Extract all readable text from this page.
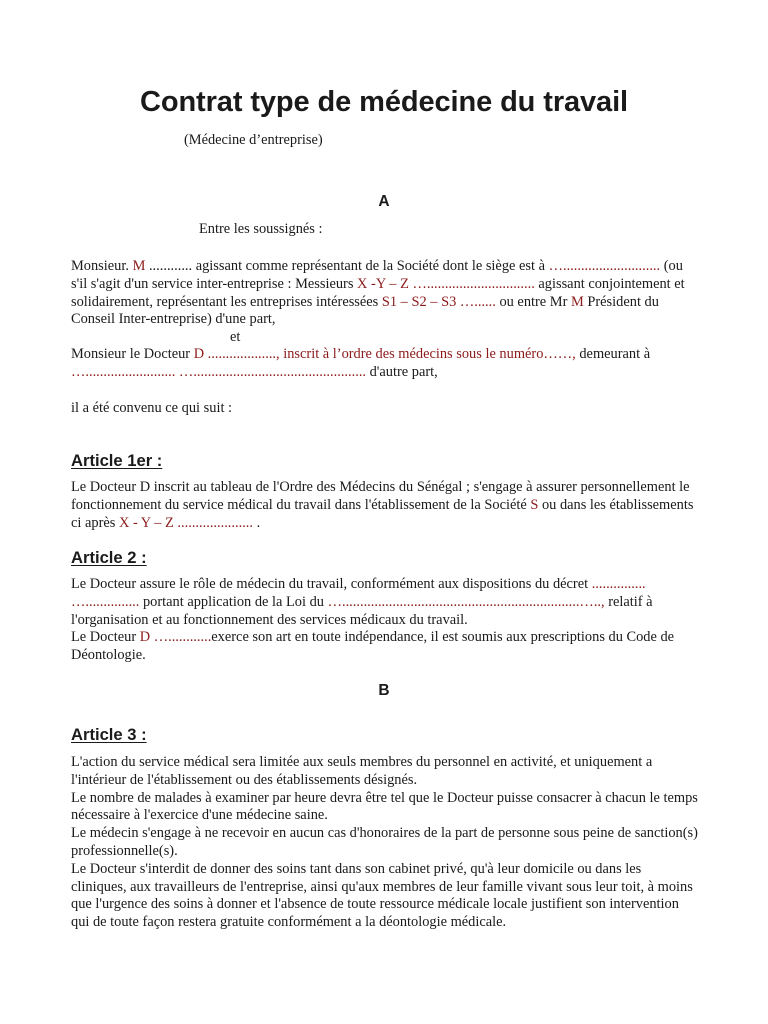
Contrat type de médecine du travail
(Médecine d’entreprise)
A
Entre les soussignés :

Monsieur. M ............ agissant comme représentant de la Société dont le siège est à …........................... (ou s'il s'agit d'un service inter-entreprise : Messieurs X -Y – Z ….............................. agissant conjointement et solidairement, représentant les entreprises intéressées S1 – S2 – S3 …...... ou entre Mr M Président du Conseil Inter-entreprise) d'une part,

et

Monsieur le Docteur D ..................., inscrit à l’ordre des médecins sous le numéro……, demeurant à
…......................... …................................................ d'autre part,

il a été convenu ce qui suit :
Article 1er :

Le Docteur D inscrit au tableau de l'Ordre des Médecins du Sénégal ; s'engage à assurer personnellement le fonctionnement du service médical du travail dans l'établissement de la Société S ou dans les établissements ci après X - Y – Z ..................... .

Article 2 :

Le Docteur assure le rôle de médecin du travail, conformément aux dispositions du décret ............... …............... portant application de la Loi du …..................................................................….., relatif à l'organisation et au fonctionnement des services médicaux du travail.

Le Docteur D …............exerce son art en toute indépendance, il est soumis aux prescriptions du Code de Déontologie.

B
Article 3 :

L'action du service médical sera limitée aux seuls membres du personnel en activité, et uniquement a l'intérieur de l'établissement ou des établissements désignés.

Le nombre de malades à examiner par heure devra être tel que le Docteur puisse consacrer à chacun le temps nécessaire à l'exercice d'une médecine saine.

Le médecin s'engage à ne recevoir en aucun cas d'honoraires de la part de personne sous peine de sanction(s) professionnelle(s).

Le Docteur s'interdit de donner des soins tant dans son cabinet privé, qu'à leur domicile ou dans les cliniques, aux travailleurs de l'entreprise, ainsi qu'aux membres de leur famille vivant sous leur toit, à moins que l'urgence des soins à donner et l'absence de toute ressource médicale locale justifient son intervention qui de toute façon restera gratuite conformément a la déontologie médicale.
